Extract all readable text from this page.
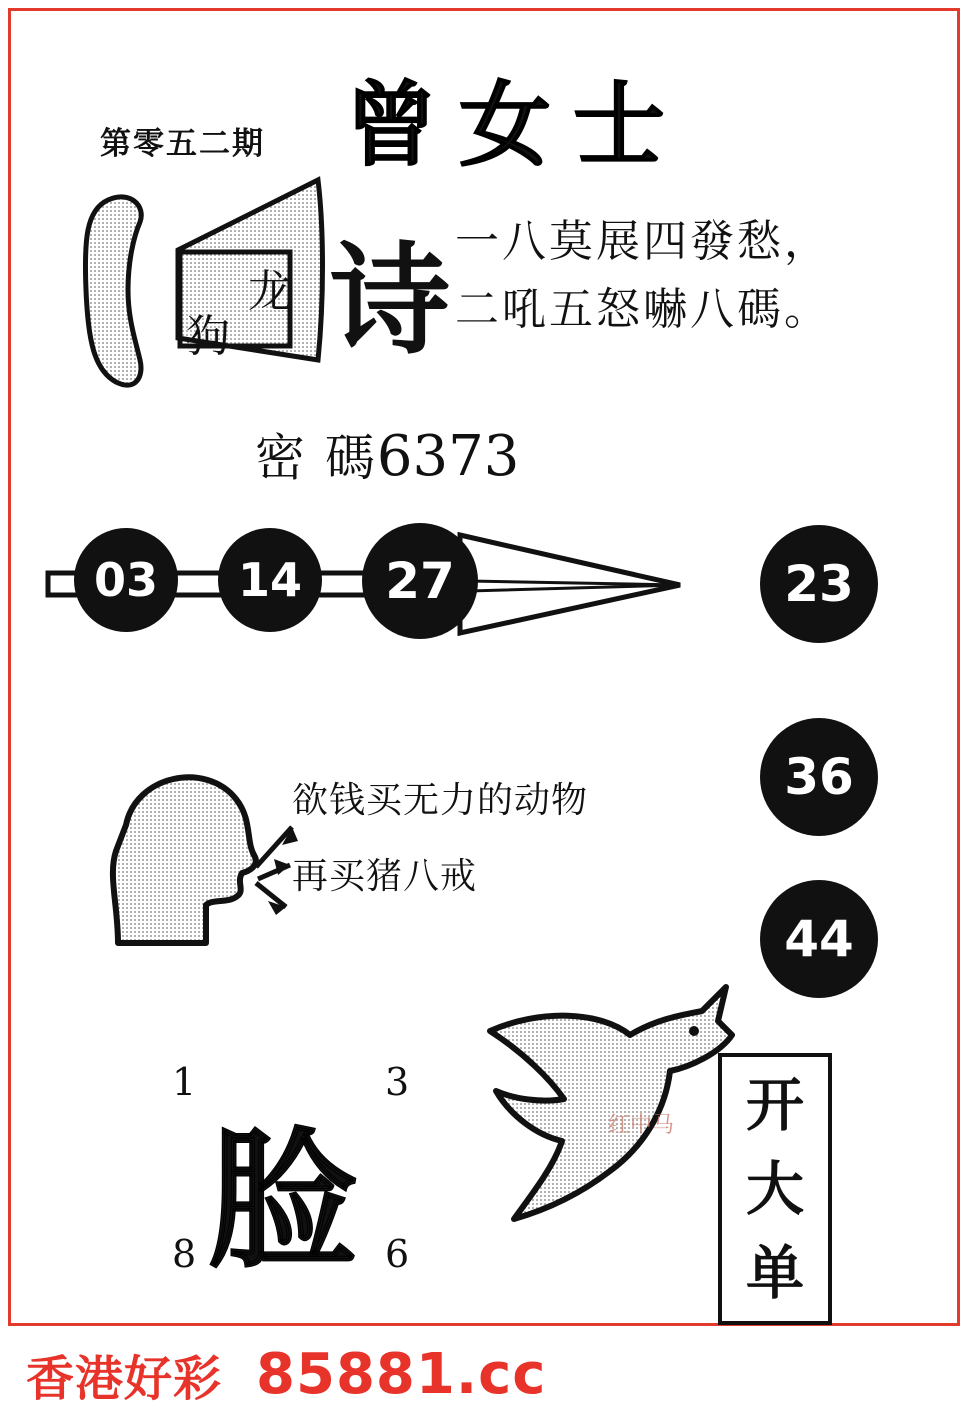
第零五二期 曾女士
诗
龙
狗
一八莫展四發愁，
二吼五怒嚇八碼。
密 碼6373
03	14	27	23
36
44
欲钱买无力的动物
再买猪八戒
1	3
8	6
脸	红中马 开
大
单
香港好彩 85881.cc
